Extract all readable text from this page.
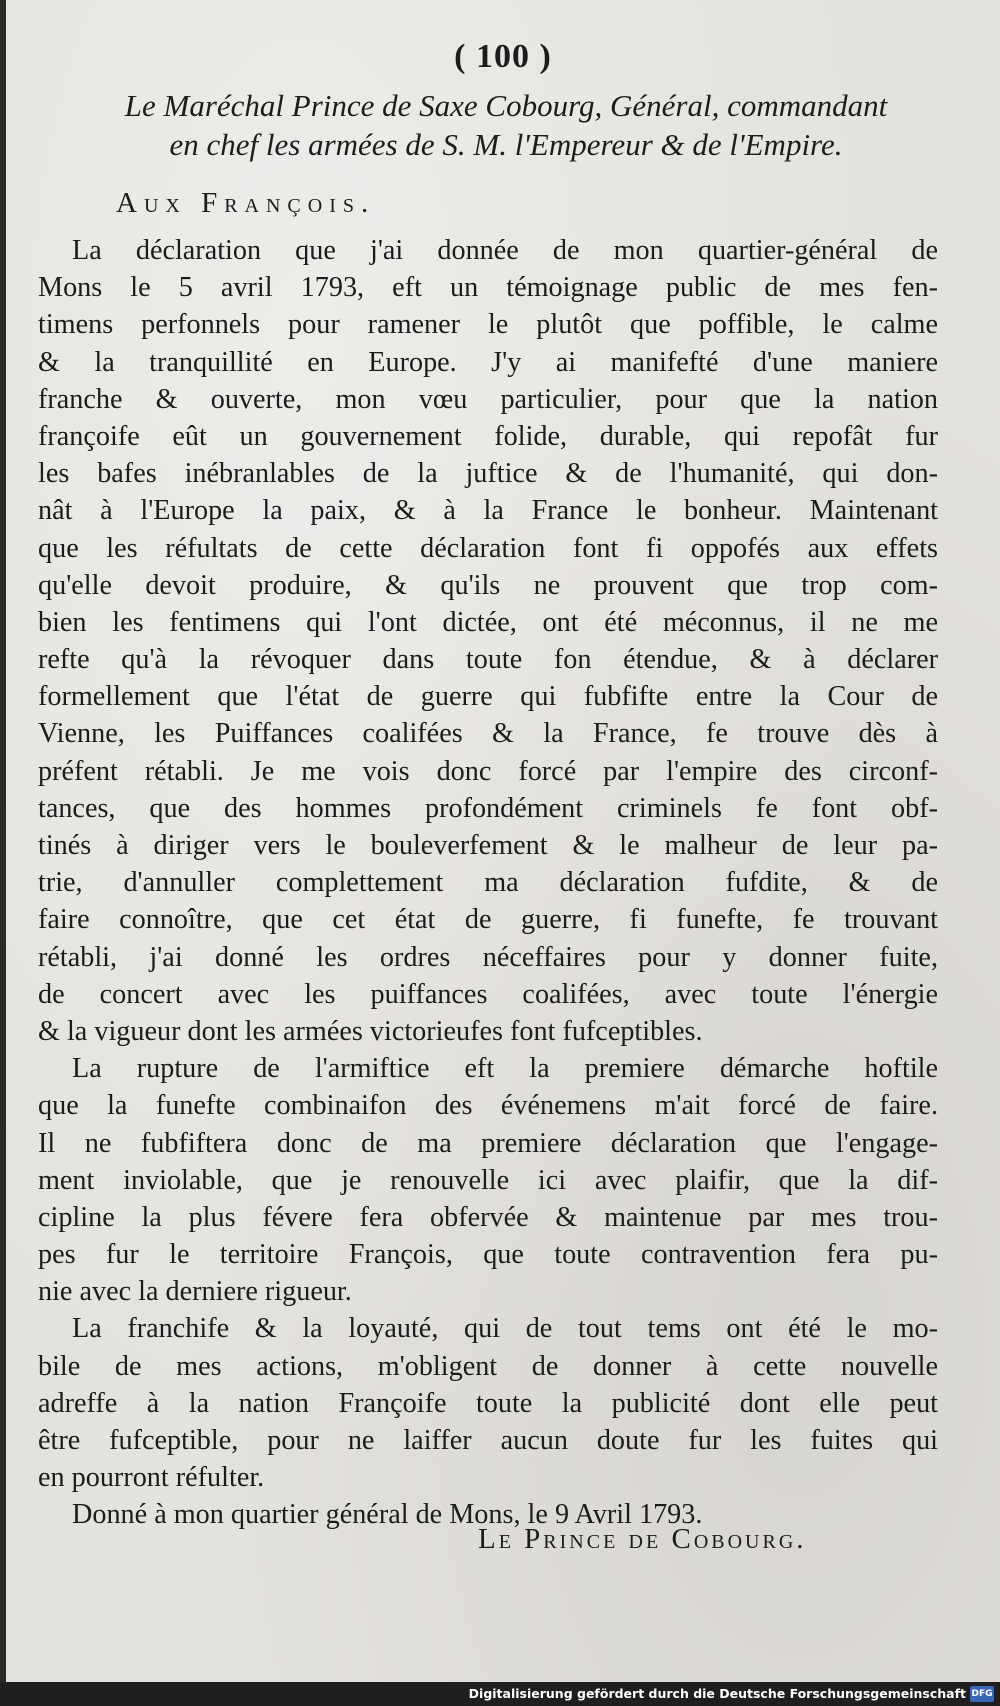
( 100 )
Le Maréchal Prince de Saxe Cobourg, Général, commandant
en chef les armées de S. M. l'Empereur & de l'Empire.
Aux François.
La déclaration que j'ai donnée de mon quartier-général de
Mons le 5 avril 1793, eft un témoignage public de mes fen-
timens perfonnels pour ramener le plutôt que poffible, le calme
& la tranquillité en Europe. J'y ai manifefté d'une maniere
franche & ouverte, mon vœu particulier, pour que la nation
françoife eût un gouvernement folide, durable, qui repofât fur
les bafes inébranlables de la juftice & de l'humanité, qui don-
nât à l'Europe la paix, & à la France le bonheur. Maintenant
que les réfultats de cette déclaration font fi oppofés aux effets
qu'elle devoit produire, & qu'ils ne prouvent que trop com-
bien les fentimens qui l'ont dictée, ont été méconnus, il ne me
refte qu'à la révoquer dans toute fon étendue, & à déclarer
formellement que l'état de guerre qui fubfifte entre la Cour de
Vienne, les Puiffances coalifées & la France, fe trouve dès à
préfent rétabli. Je me vois donc forcé par l'empire des circonf-
tances, que des hommes profondément criminels fe font obf-
tinés à diriger vers le bouleverfement & le malheur de leur pa-
trie, d'annuller complettement ma déclaration fufdite, & de
faire connoître, que cet état de guerre, fi funefte, fe trouvant
rétabli, j'ai donné les ordres néceffaires pour y donner fuite,
de concert avec les puiffances coalifées, avec toute l'énergie
& la vigueur dont les armées victorieufes font fufceptibles.
La rupture de l'armiftice eft la premiere démarche hoftile
que la funefte combinaifon des événemens m'ait forcé de faire.
Il ne fubfiftera donc de ma premiere déclaration que l'engage-
ment inviolable, que je renouvelle ici avec plaifir, que la dif-
cipline la plus févere fera obfervée & maintenue par mes trou-
pes fur le territoire François, que toute contravention fera pu-
nie avec la derniere rigueur.
La franchife & la loyauté, qui de tout tems ont été le mo-
bile de mes actions, m'obligent de donner à cette nouvelle
adreffe à la nation Françoife toute la publicité dont elle peut
être fufceptible, pour ne laiffer aucun doute fur les fuites qui
en pourront réfulter.
Donné à mon quartier général de Mons, le 9 Avril 1793.
Le Prince de Cobourg.
Digitalisierung gefördert durch die Deutsche Forschungsgemeinschaft DFG
